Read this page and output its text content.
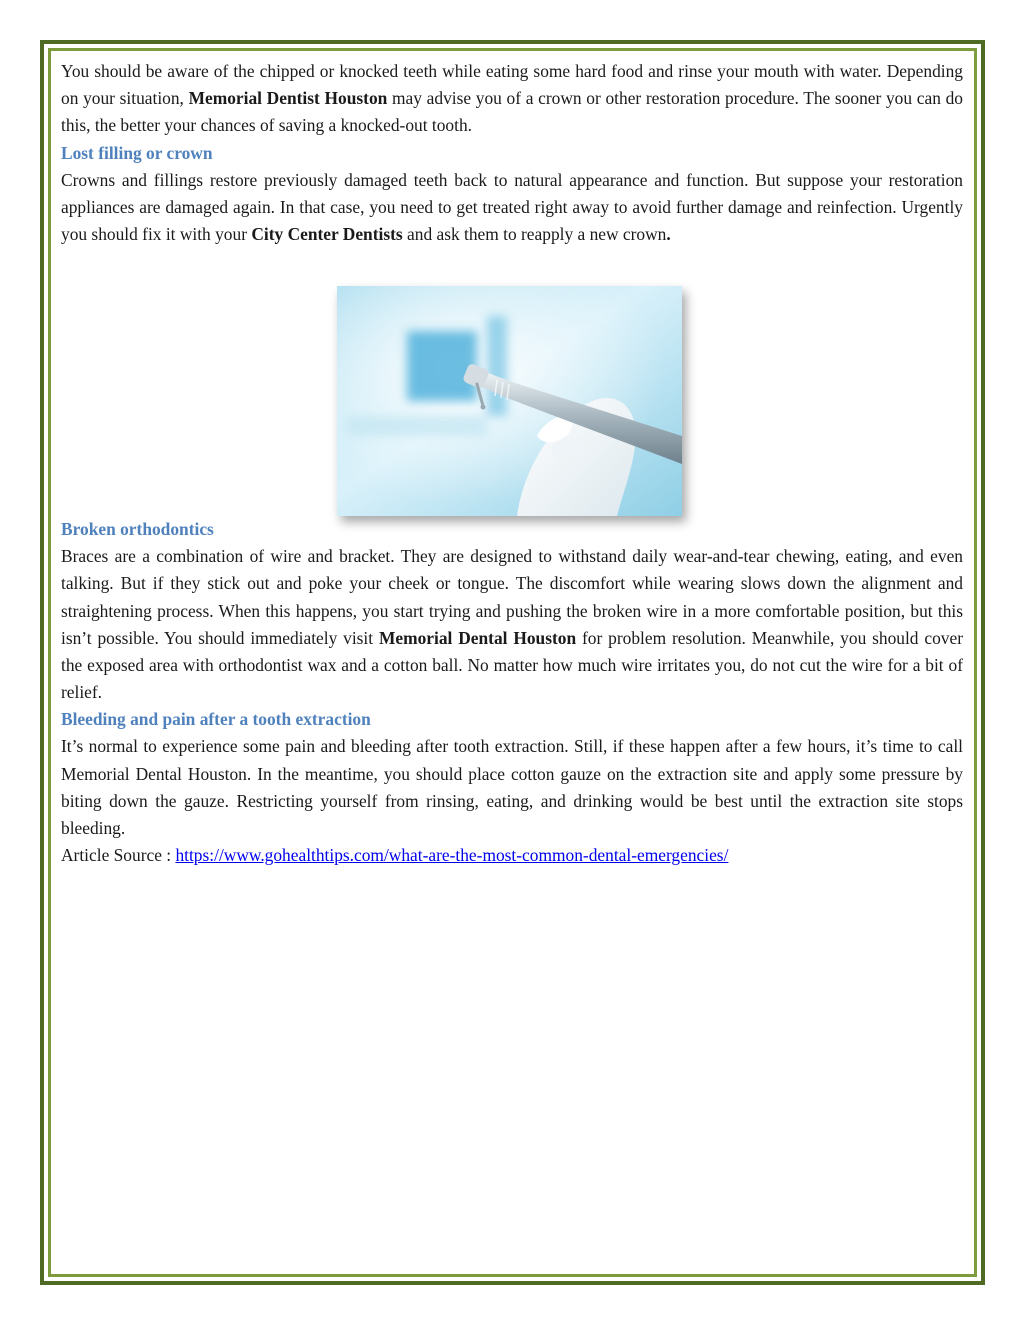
You should be aware of the chipped or knocked teeth while eating some hard food and rinse your mouth with water. Depending on your situation, Memorial Dentist Houston may advise you of a crown or other restoration procedure. The sooner you can do this, the better your chances of saving a knocked-out tooth.

Lost filling or crown

Crowns and fillings restore previously damaged teeth back to natural appearance and function. But suppose your restoration appliances are damaged again. In that case, you need to get treated right away to avoid further damage and reinfection. Urgently you should fix it with your City Center Dentists and ask them to reapply a new crown.

Broken orthodontics

Braces are a combination of wire and bracket. They are designed to withstand daily wear-and-tear chewing, eating, and even talking. But if they stick out and poke your cheek or tongue. The discomfort while wearing slows down the alignment and straightening process. When this happens, you start trying and pushing the broken wire in a more comfortable position, but this isn’t possible. You should immediately visit Memorial Dental Houston for problem resolution. Meanwhile, you should cover the exposed area with orthodontist wax and a cotton ball. No matter how much wire irritates you, do not cut the wire for a bit of relief.

Bleeding and pain after a tooth extraction

It’s normal to experience some pain and bleeding after tooth extraction. Still, if these happen after a few hours, it’s time to call Memorial Dental Houston. In the meantime, you should place cotton gauze on the extraction site and apply some pressure by biting down the gauze. Restricting yourself from rinsing, eating, and drinking would be best until the extraction site stops bleeding.

Article Source : https://www.gohealthtips.com/what-are-the-most-common-dental-emergencies/
